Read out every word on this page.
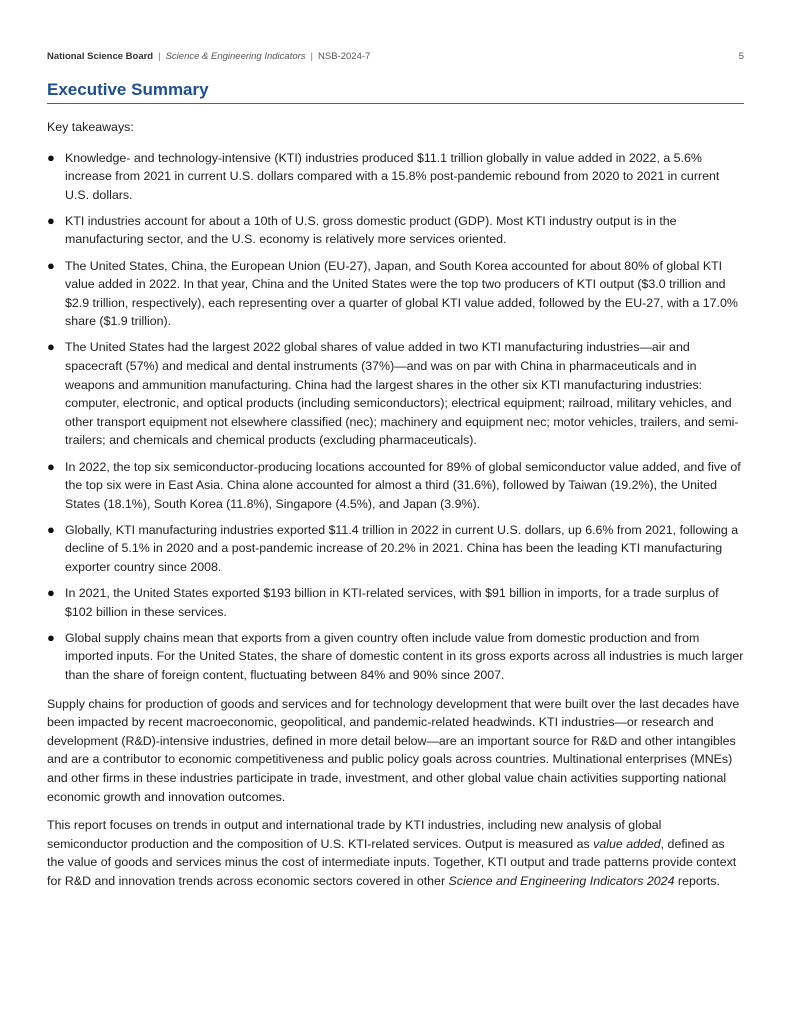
National Science Board | Science & Engineering Indicators | NSB-2024-7	5
Executive Summary

Key takeaways:

● Knowledge- and technology-intensive (KTI) industries produced $11.1 trillion globally in value added in 2022, a 5.6% increase from 2021 in current U.S. dollars compared with a 15.8% post-pandemic rebound from 2020 to 2021 in current U.S. dollars.
● KTI industries account for about a 10th of U.S. gross domestic product (GDP). Most KTI industry output is in the manufacturing sector, and the U.S. economy is relatively more services oriented.
● The United States, China, the European Union (EU-27), Japan, and South Korea accounted for about 80% of global KTI value added in 2022. In that year, China and the United States were the top two producers of KTI output ($3.0 trillion and $2.9 trillion, respectively), each representing over a quarter of global KTI value added, followed by the EU-27, with a 17.0% share ($1.9 trillion).
● The United States had the largest 2022 global shares of value added in two KTI manufacturing industries—air and spacecraft (57%) and medical and dental instruments (37%)—and was on par with China in pharmaceuticals and in weapons and ammunition manufacturing. China had the largest shares in the other six KTI manufacturing industries: computer, electronic, and optical products (including semiconductors); electrical equipment; railroad, military vehicles, and other transport equipment not elsewhere classified (nec); machinery and equipment nec; motor vehicles, trailers, and semi-trailers; and chemicals and chemical products (excluding pharmaceuticals).
● In 2022, the top six semiconductor-producing locations accounted for 89% of global semiconductor value added, and five of the top six were in East Asia. China alone accounted for almost a third (31.6%), followed by Taiwan (19.2%), the United States (18.1%), South Korea (11.8%), Singapore (4.5%), and Japan (3.9%).
● Globally, KTI manufacturing industries exported $11.4 trillion in 2022 in current U.S. dollars, up 6.6% from 2021, following a decline of 5.1% in 2020 and a post-pandemic increase of 20.2% in 2021. China has been the leading KTI manufacturing exporter country since 2008.
● In 2021, the United States exported $193 billion in KTI-related services, with $91 billion in imports, for a trade surplus of $102 billion in these services.
● Global supply chains mean that exports from a given country often include value from domestic production and from imported inputs. For the United States, the share of domestic content in its gross exports across all industries is much larger than the share of foreign content, fluctuating between 84% and 90% since 2007.

Supply chains for production of goods and services and for technology development that were built over the last decades have been impacted by recent macroeconomic, geopolitical, and pandemic-related headwinds. KTI industries—or research and development (R&D)-intensive industries, defined in more detail below—are an important source for R&D and other intangibles and are a contributor to economic competitiveness and public policy goals across countries. Multinational enterprises (MNEs) and other firms in these industries participate in trade, investment, and other global value chain activities supporting national economic growth and innovation outcomes.

This report focuses on trends in output and international trade by KTI industries, including new analysis of global semiconductor production and the composition of U.S. KTI-related services. Output is measured as value added, defined as the value of goods and services minus the cost of intermediate inputs. Together, KTI output and trade patterns provide context for R&D and innovation trends across economic sectors covered in other Science and Engineering Indicators 2024 reports.
